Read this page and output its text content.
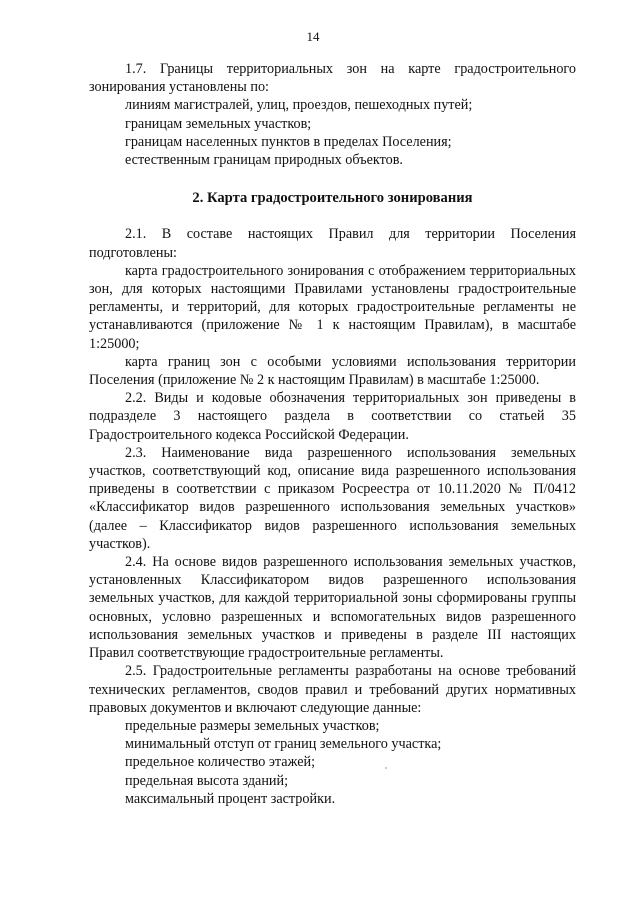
14

1.7. Границы территориальных зон на карте градостроительного зонирования установлены по:

линиям магистралей, улиц, проездов, пешеходных путей;

границам земельных участков;

границам населенных пунктов в пределах Поселения;

естественным границам природных объектов.

2. Карта градостроительного зонирования

2.1. В составе настоящих Правил для территории Поселения подготовлены:

карта градостроительного зонирования с отображением территориальных зон, для которых настоящими Правилами установлены градостроительные регламенты, и территорий, для которых градостроительные регламенты не устанавливаются (приложение № 1 к настоящим Правилам), в масштабе 1:25000;

карта границ зон с особыми условиями использования территории Поселения (приложение № 2 к настоящим Правилам) в масштабе 1:25000.

2.2. Виды и кодовые обозначения территориальных зон приведены в подразделе 3 настоящего раздела в соответствии со статьей 35 Градостроительного кодекса Российской Федерации.

2.3. Наименование вида разрешенного использования земельных участков, соответствующий код, описание вида разрешенного использования приведены в соответствии с приказом Росреестра от 10.11.2020 № П/0412 «Классификатор видов разрешенного использования земельных участков» (далее – Классификатор видов разрешенного использования земельных участков).

2.4. На основе видов разрешенного использования земельных участков, установленных Классификатором видов разрешенного использования земельных участков, для каждой территориальной зоны сформированы группы основных, условно разрешенных и вспомогательных видов разрешенного использования земельных участков и приведены в разделе III настоящих Правил соответствующие градостроительные регламенты.

2.5. Градостроительные регламенты разработаны на основе требований технических регламентов, сводов правил и требований других нормативных правовых документов и включают следующие данные:

предельные размеры земельных участков;

минимальный отступ от границ земельного участка;

предельное количество этажей;

предельная высота зданий;

максимальный процент застройки.
